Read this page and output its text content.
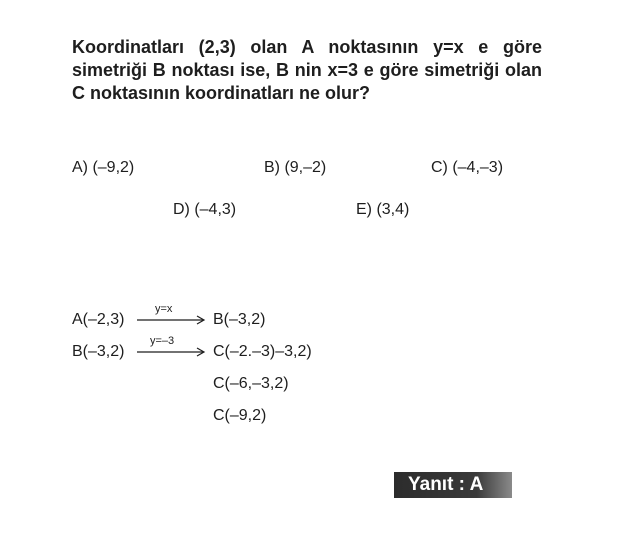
Koordinatları (2,3) olan A noktasının y=x e göre simetriği B noktası ise, B nin x=3 e göre simetriği olan C noktasının koordinatları ne olur?

A) (–9,2)	B) (9,–2)	C) (–4,–3)
D) (–4,3)	E) (3,4)
A(–2,3)
y=x
B(–3,2)
B(–3,2)
y=–3
C(–2.–3)–3,2)
C(–6,–3,2)
C(–9,2)
Yanıt : A
